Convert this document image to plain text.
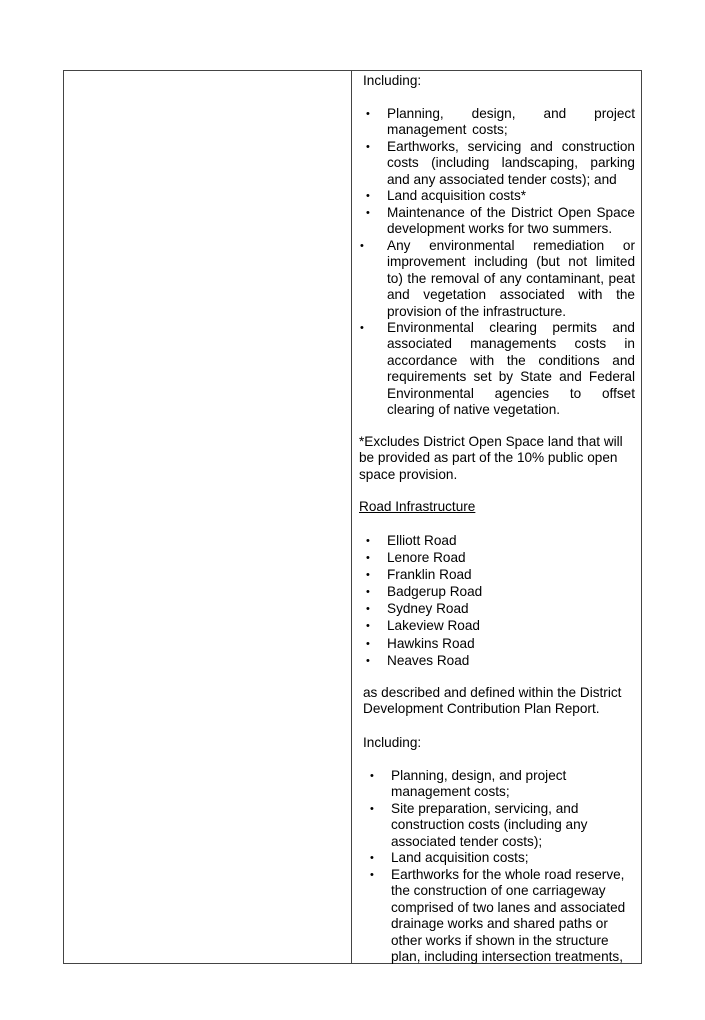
Including:

• Planning, design, and project management costs;
• Earthworks, servicing and construction costs (including landscaping, parking and any associated tender costs); and
• Land acquisition costs*
• Maintenance of the District Open Space development works for two summers.
• Any environmental remediation or improvement including (but not limited to) the removal of any contaminant, peat and vegetation associated with the provision of the infrastructure.
• Environmental clearing permits and associated managements costs in accordance with the conditions and requirements set by State and Federal Environmental agencies to offset clearing of native vegetation.

*Excludes District Open Space land that will be provided as part of the 10% public open space provision.

Road Infrastructure

• Elliott Road
• Lenore Road
• Franklin Road
• Badgerup Road
• Sydney Road
• Lakeview Road
• Hawkins Road
• Neaves Road

as described and defined within the District Development Contribution Plan Report.

Including:

• Planning, design, and project management costs;
• Site preparation, servicing, and construction costs (including any associated tender costs);
• Land acquisition costs;
• Earthworks for the whole road reserve, the construction of one carriageway comprised of two lanes and associated drainage works and shared paths or other works if shown in the structure plan, including intersection treatments,
